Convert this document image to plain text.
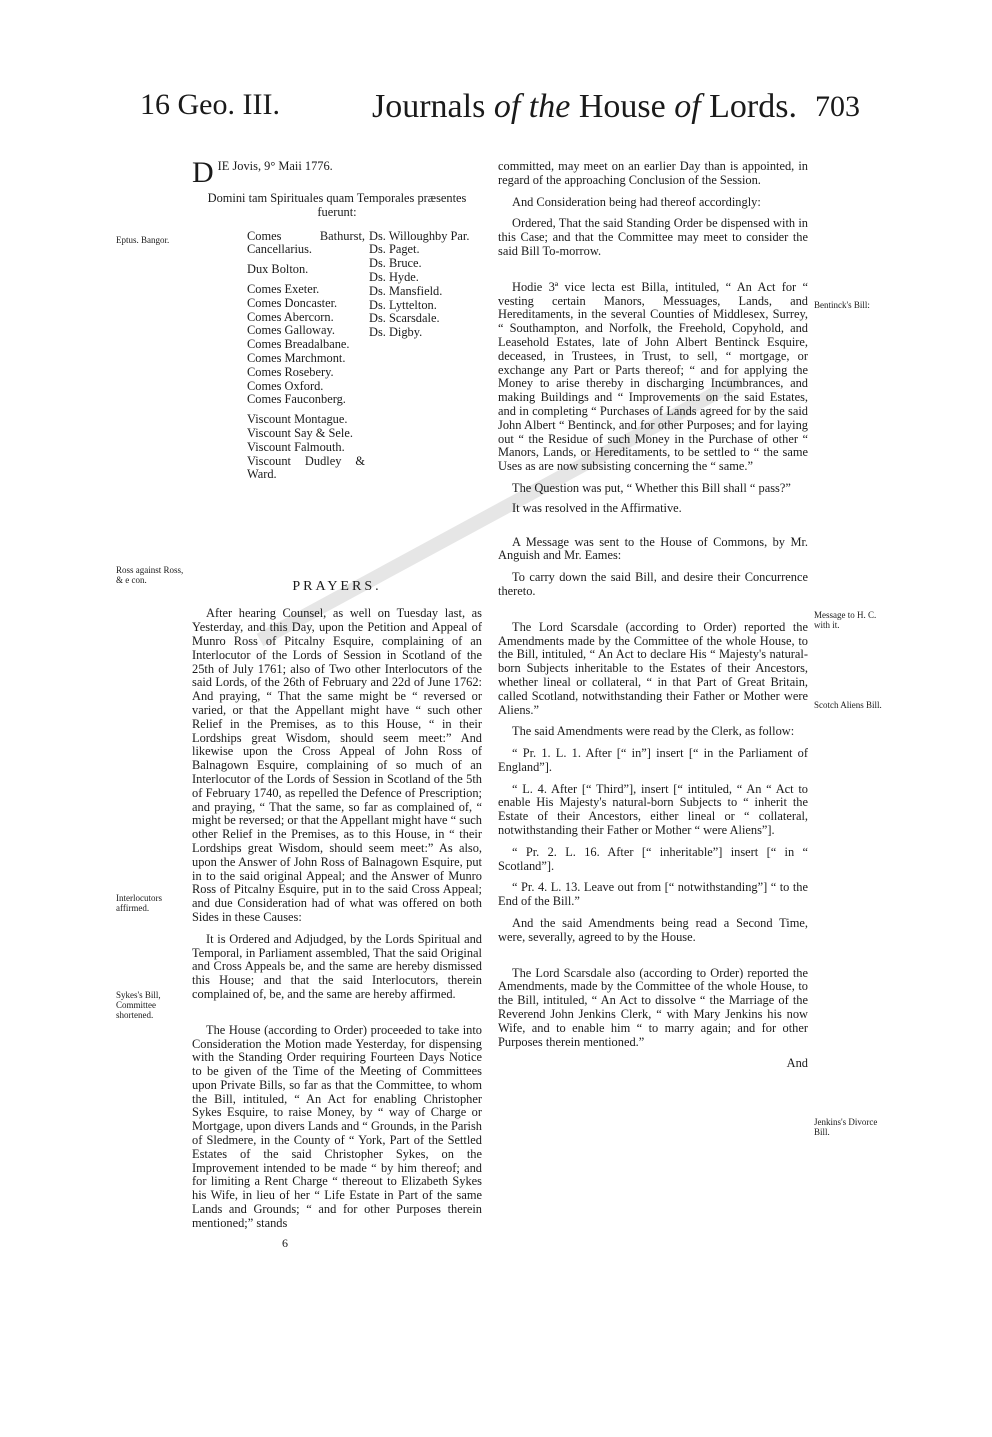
16 Geo. III.	Journals of the House of Lords. 703
Eptus. Bangor.
Ross against Ross, & e con.
Interlocutors affirmed.
Sykes's Bill, Committee shortened.
Bentinck's Bill:
Message to H. C. with it.
Scotch Aliens Bill.
Jenkins's Divorce Bill.
D IE Jovis, 9° Maii 1776.
Domini tam Spirituales quam Temporales præsentes fuerunt:
Comes Bathurst, Cancellarius.
Dux Bolton.
Comes Exeter.
Comes Doncaster.
Comes Abercorn.
Comes Galloway.
Comes Breadalbane.
Comes Marchmont.
Comes Rosebery.
Comes Oxford.
Comes Fauconberg.
Viscount Montague.
Viscount Say & Sele.
Viscount Falmouth.
Viscount Dudley & Ward.
Ds. Willoughby Par.
Ds. Paget.
Ds. Bruce.
Ds. Hyde.
Ds. Mansfield.
Ds. Lyttelton.
Ds. Scarsdale.
Ds. Digby.
PRAYERS.

After hearing Counsel, as well on Tuesday last, as Yesterday, and this Day, upon the Petition and Appeal of Munro Ross of Pitcalny Esquire, complaining of an Interlocutor of the Lords of Session in Scotland of the 25th of July 1761; also of Two other Interlocutors of the said Lords, of the 26th of February and 22d of June 1762: And praying, “ That the same might be “ reversed or varied, or that the Appellant might have “ such other Relief in the Premises, as to this House, “ in their Lordships great Wisdom, should seem meet:” And likewise upon the Cross Appeal of John Ross of Balnagown Esquire, complaining of so much of an Interlocutor of the Lords of Session in Scotland of the 5th of February 1740, as repelled the Defence of Prescription; and praying, “ That the same, so far as complained of, “ might be reversed; or that the Appellant might have “ such other Relief in the Premises, as to this House, in “ their Lordships great Wisdom, should seem meet:” As also, upon the Answer of John Ross of Balnagown Esquire, put in to the said original Appeal; and the Answer of Munro Ross of Pitcalny Esquire, put in to the said Cross Appeal; and due Consideration had of what was offered on both Sides in these Causes:

It is Ordered and Adjudged, by the Lords Spiritual and Temporal, in Parliament assembled, That the said Original and Cross Appeals be, and the same are hereby dismissed this House; and that the said Interlocutors, therein complained of, be, and the same are hereby affirmed.

The House (according to Order) proceeded to take into Consideration the Motion made Yesterday, for dispensing with the Standing Order requiring Fourteen Days Notice to be given of the Time of the Meeting of Committees upon Private Bills, so far as that the Committee, to whom the Bill, intituled, “ An Act for enabling Christopher Sykes Esquire, to raise Money, by “ way of Charge or Mortgage, upon divers Lands and “ Grounds, in the Parish of Sledmere, in the County of “ York, Part of the Settled Estates of the said Christopher Sykes, on the Improvement intended to be made “ by him thereof; and for limiting a Rent Charge “ thereout to Elizabeth Sykes his Wife, in lieu of her “ Life Estate in Part of the same Lands and Grounds; “ and for other Purposes therein mentioned;” stands

6

committed, may meet on an earlier Day than is appointed, in regard of the approaching Conclusion of the Session.

And Consideration being had thereof accordingly:

Ordered, That the said Standing Order be dispensed with in this Case; and that the Committee may meet to consider the said Bill To-morrow.

Hodie 3ª vice lecta est Billa, intituled, “ An Act for “ vesting certain Manors, Messuages, Lands, and Hereditaments, in the several Counties of Middlesex, Surrey, “ Southampton, and Norfolk, the Freehold, Copyhold, and Leasehold Estates, late of John Albert Bentinck Esquire, deceased, in Trustees, in Trust, to sell, “ mortgage, or exchange any Part or Parts thereof; “ and for applying the Money to arise thereby in discharging Incumbrances, and making Buildings and “ Improvements on the said Estates, and in completing “ Purchases of Lands agreed for by the said John Albert “ Bentinck, and for other Purposes; and for laying out “ the Residue of such Money in the Purchase of other “ Manors, Lands, or Hereditaments, to be settled to “ the same Uses as are now subsisting concerning the “ same.”

The Question was put, “ Whether this Bill shall “ pass?”

It was resolved in the Affirmative.

A Message was sent to the House of Commons, by Mr. Anguish and Mr. Eames:

To carry down the said Bill, and desire their Concurrence thereto.

The Lord Scarsdale (according to Order) reported the Amendments made by the Committee of the whole House, to the Bill, intituled, “ An Act to declare His “ Majesty's natural-born Subjects inheritable to the Estates of their Ancestors, whether lineal or collateral, “ in that Part of Great Britain, called Scotland, notwithstanding their Father or Mother were Aliens.”

The said Amendments were read by the Clerk, as follow:

“ Pr. 1. L. 1. After [“ in”] insert [“ in the Parliament of England”].

“ L. 4. After [“ Third”], insert [“ intituled, “ An “ Act to enable His Majesty's natural-born Subjects to “ inherit the Estate of their Ancestors, either lineal or “ collateral, notwithstanding their Father or Mother “ were Aliens”].

“ Pr. 2. L. 16. After [“ inheritable”] insert [“ in “ Scotland”].

“ Pr. 4. L. 13. Leave out from [“ notwithstanding”] “ to the End of the Bill.”

And the said Amendments being read a Second Time, were, severally, agreed to by the House.

The Lord Scarsdale also (according to Order) reported the Amendments, made by the Committee of the whole House, to the Bill, intituled, “ An Act to dissolve “ the Marriage of the Reverend John Jenkins Clerk, “ with Mary Jenkins his now Wife, and to enable him “ to marry again; and for other Purposes therein mentioned.”

And
